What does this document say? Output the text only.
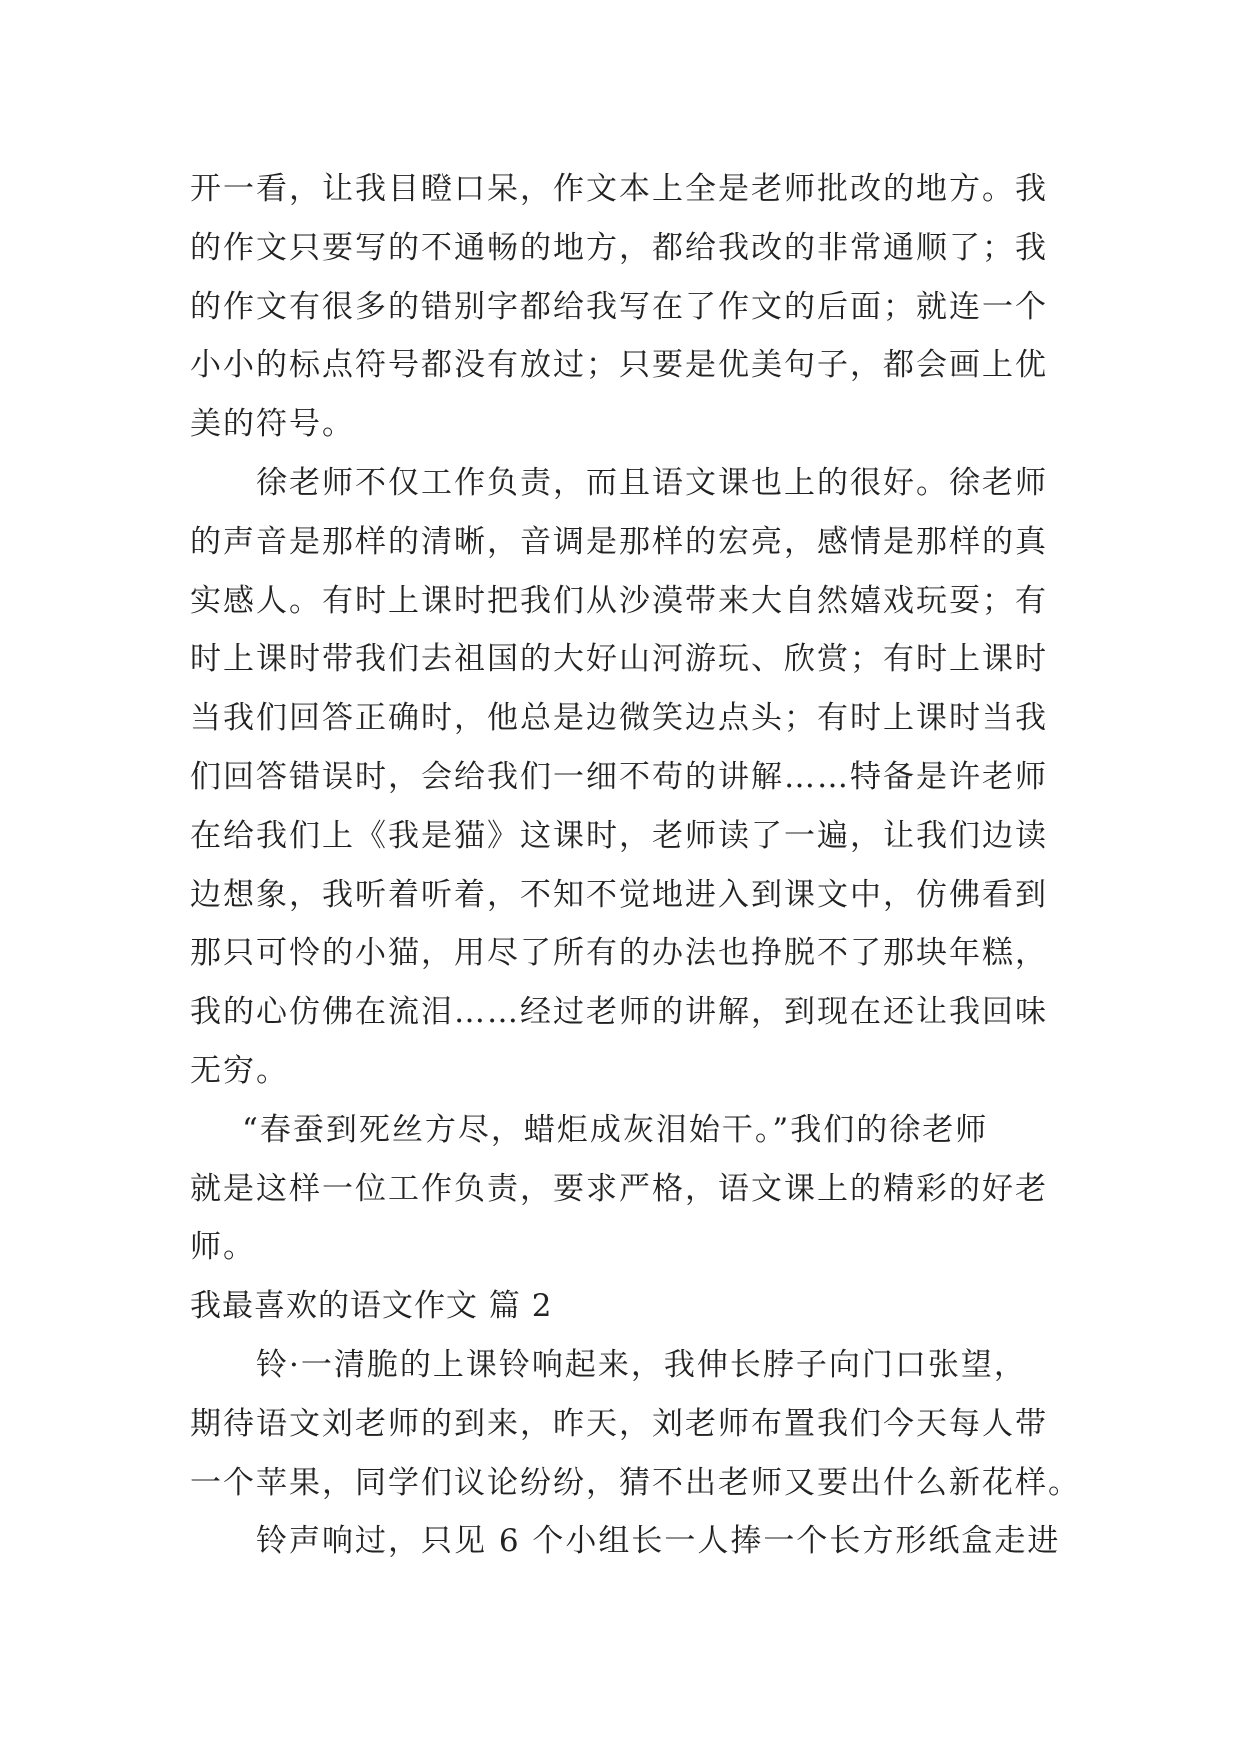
开一看，让我目瞪口呆，作文本上全是老师批改的地方。我
的作文只要写的不通畅的地方，都给我改的非常通顺了；我
的作文有很多的错别字都给我写在了作文的后面；就连一个
小小的标点符号都没有放过；只要是优美句子，都会画上优
美的符号。
徐老师不仅工作负责，而且语文课也上的很好。徐老师
的声音是那样的清晰，音调是那样的宏亮，感情是那样的真
实感人。有时上课时把我们从沙漠带来大自然嬉戏玩耍；有
时上课时带我们去祖国的大好山河游玩、欣赏；有时上课时
当我们回答正确时，他总是边微笑边点头；有时上课时当我
们回答错误时，会给我们一细不苟的讲解……特备是许老师
在给我们上《我是猫》这课时，老师读了一遍，让我们边读
边想象，我听着听着，不知不觉地进入到课文中，仿佛看到
那只可怜的小猫，用尽了所有的办法也挣脱不了那块年糕，
我的心仿佛在流泪……经过老师的讲解，到现在还让我回味
无穷。
“春蚕到死丝方尽，蜡炬成灰泪始干。”我们的徐老师
就是这样一位工作负责，要求严格，语文课上的精彩的好老
师。
我最喜欢的语文作文 篇 2
铃·一清脆的上课铃响起来，我伸长脖子向门口张望，
期待语文刘老师的到来，昨天，刘老师布置我们今天每人带
一个苹果，同学们议论纷纷，猜不出老师又要出什么新花样。
铃声响过，只见 6 个小组长一人捧一个长方形纸盒走进
